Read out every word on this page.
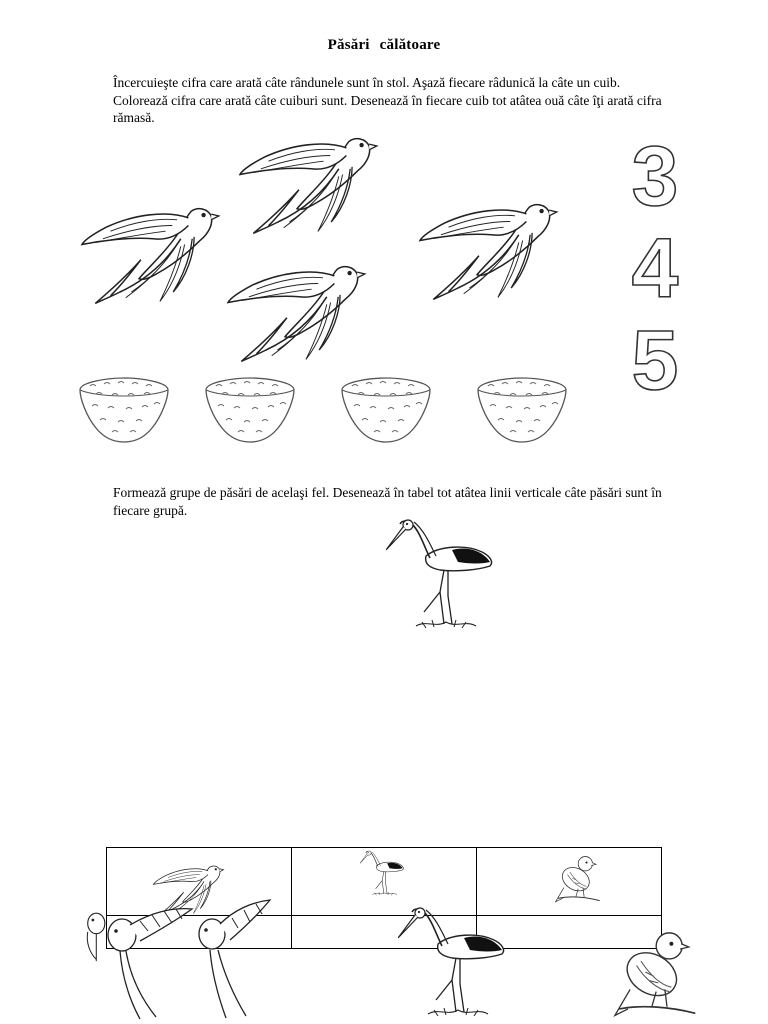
Păsări călătoare
Încercuieşte cifra care arată câte rândunele sunt în stol. Aşază fiecare râdunică la câte un cuib. Colorează cifra care arată câte cuiburi sunt. Desenează în fiecare cuib tot atâtea ouă câte îţi arată cifra rămasă.
3
4
5
Formează grupe de păsări de acelaşi fel. Desenează în tabel tot atâtea linii verticale câte păsări sunt în fiecare grupă.
